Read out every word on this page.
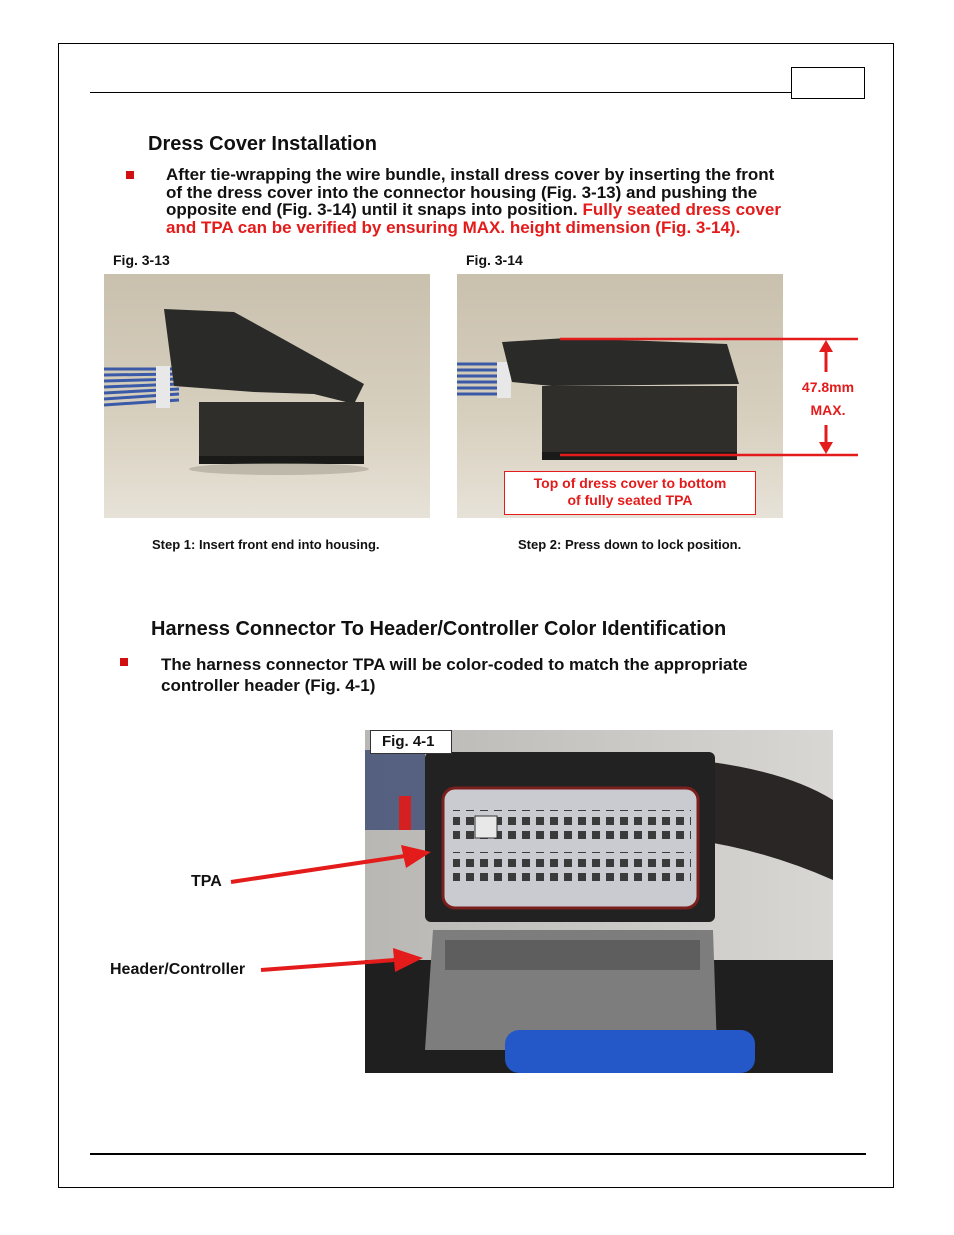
Dress Cover Installation
After tie-wrapping the wire bundle, install dress cover by inserting the front
of the dress cover into the connector housing (Fig. 3-13) and pushing the
opposite end (Fig. 3-14) until it snaps into position. Fully seated dress cover
and TPA can be verified by ensuring MAX. height dimension (Fig. 3-14).
Fig. 3-13	Fig. 3-14
47.8mm
MAX.
Top of dress cover to bottom
of fully seated TPA
Step 1: Insert front end into housing.	Step 2: Press down to lock position.
Harness Connector To Header/Controller Color Identification
The harness connector TPA will be color-coded to match the appropriate
controller header (Fig. 4-1)
Fig. 4-1
TPA
Header/Controller
